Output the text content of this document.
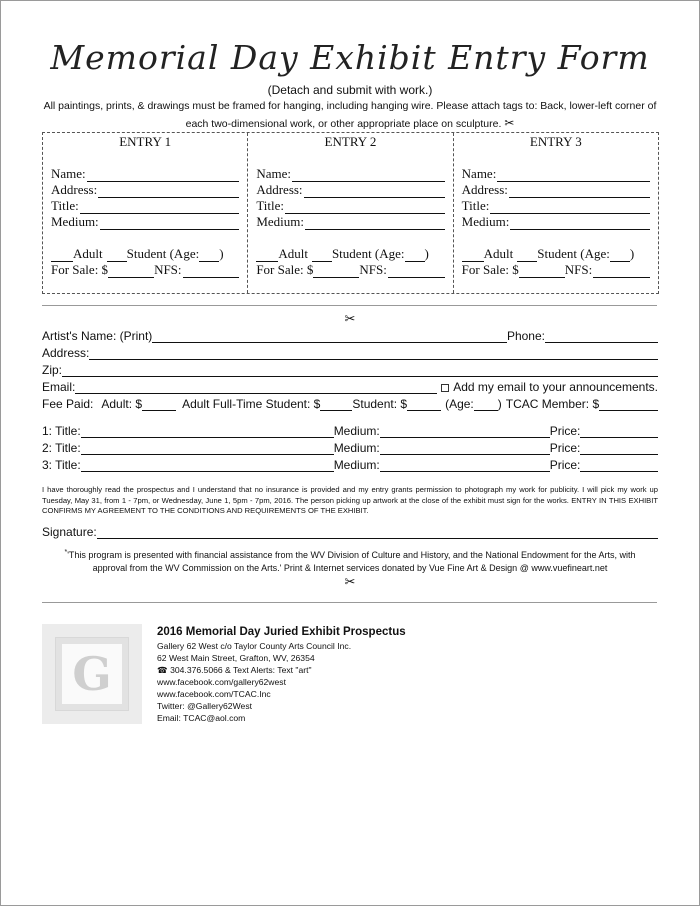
Memorial Day Exhibit Entry Form
(Detach and submit with work.)
All paintings, prints, & drawings must be framed for hanging, including hanging wire. Please attach tags to: Back, lower-left corner of
each two-dimensional work, or other appropriate place on sculpture. ✂
ENTRY 1
Name:
Address:
Title:
Medium:
Adult Student (Age: )
For Sale: $	NFS:
ENTRY 2
Name:
Address:
Title:
Medium:
Adult Student (Age: )
For Sale: $	NFS:
ENTRY 3
Name:
Address:
Title:
Medium:
Adult Student (Age: )
For Sale: $	NFS:
✂
Artist's Name: (Print)	Phone:
Address:
Zip:
Email:	Add my email to your announcements.
Fee Paid: Adult: $	Adult Full-Time Student: $	Student: $	(Age: ) TCAC Member: $
1: Title:	Medium:	Price:
2: Title:	Medium:	Price:
3: Title:	Medium:	Price:
I have thoroughly read the prospectus and I understand that no insurance is provided and my entry grants permission to photograph my work for publicity. I will pick my work up Tuesday, May 31, from 1 - 7pm, or Wednesday, June 1, 5pm - 7pm, 2016. The person picking up artwork at the close of the exhibit must sign for the works. ENTRY IN THIS EXHIBIT CONFIRMS MY AGREEMENT TO THE CONDITIONS AND REQUIREMENTS OF THE EXHIBIT.
Signature:
*'This program is presented with financial assistance from the WV Division of Culture and History, and the National Endowment for the Arts, with
approval from the WV Commission on the Arts.' Print & Internet services donated by Vue Fine Art & Design @ www.vuefineart.net
✂
G
2016 Memorial Day Juried Exhibit Prospectus
Gallery 62 West c/o Taylor County Arts Council Inc.
62 West Main Street, Grafton, WV, 26354
☎ 304.376.5066 & Text Alerts: Text "art"
www.facebook.com/gallery62west
www.facebook.com/TCAC.Inc
Twitter: @Gallery62West
Email: TCAC@aol.com
